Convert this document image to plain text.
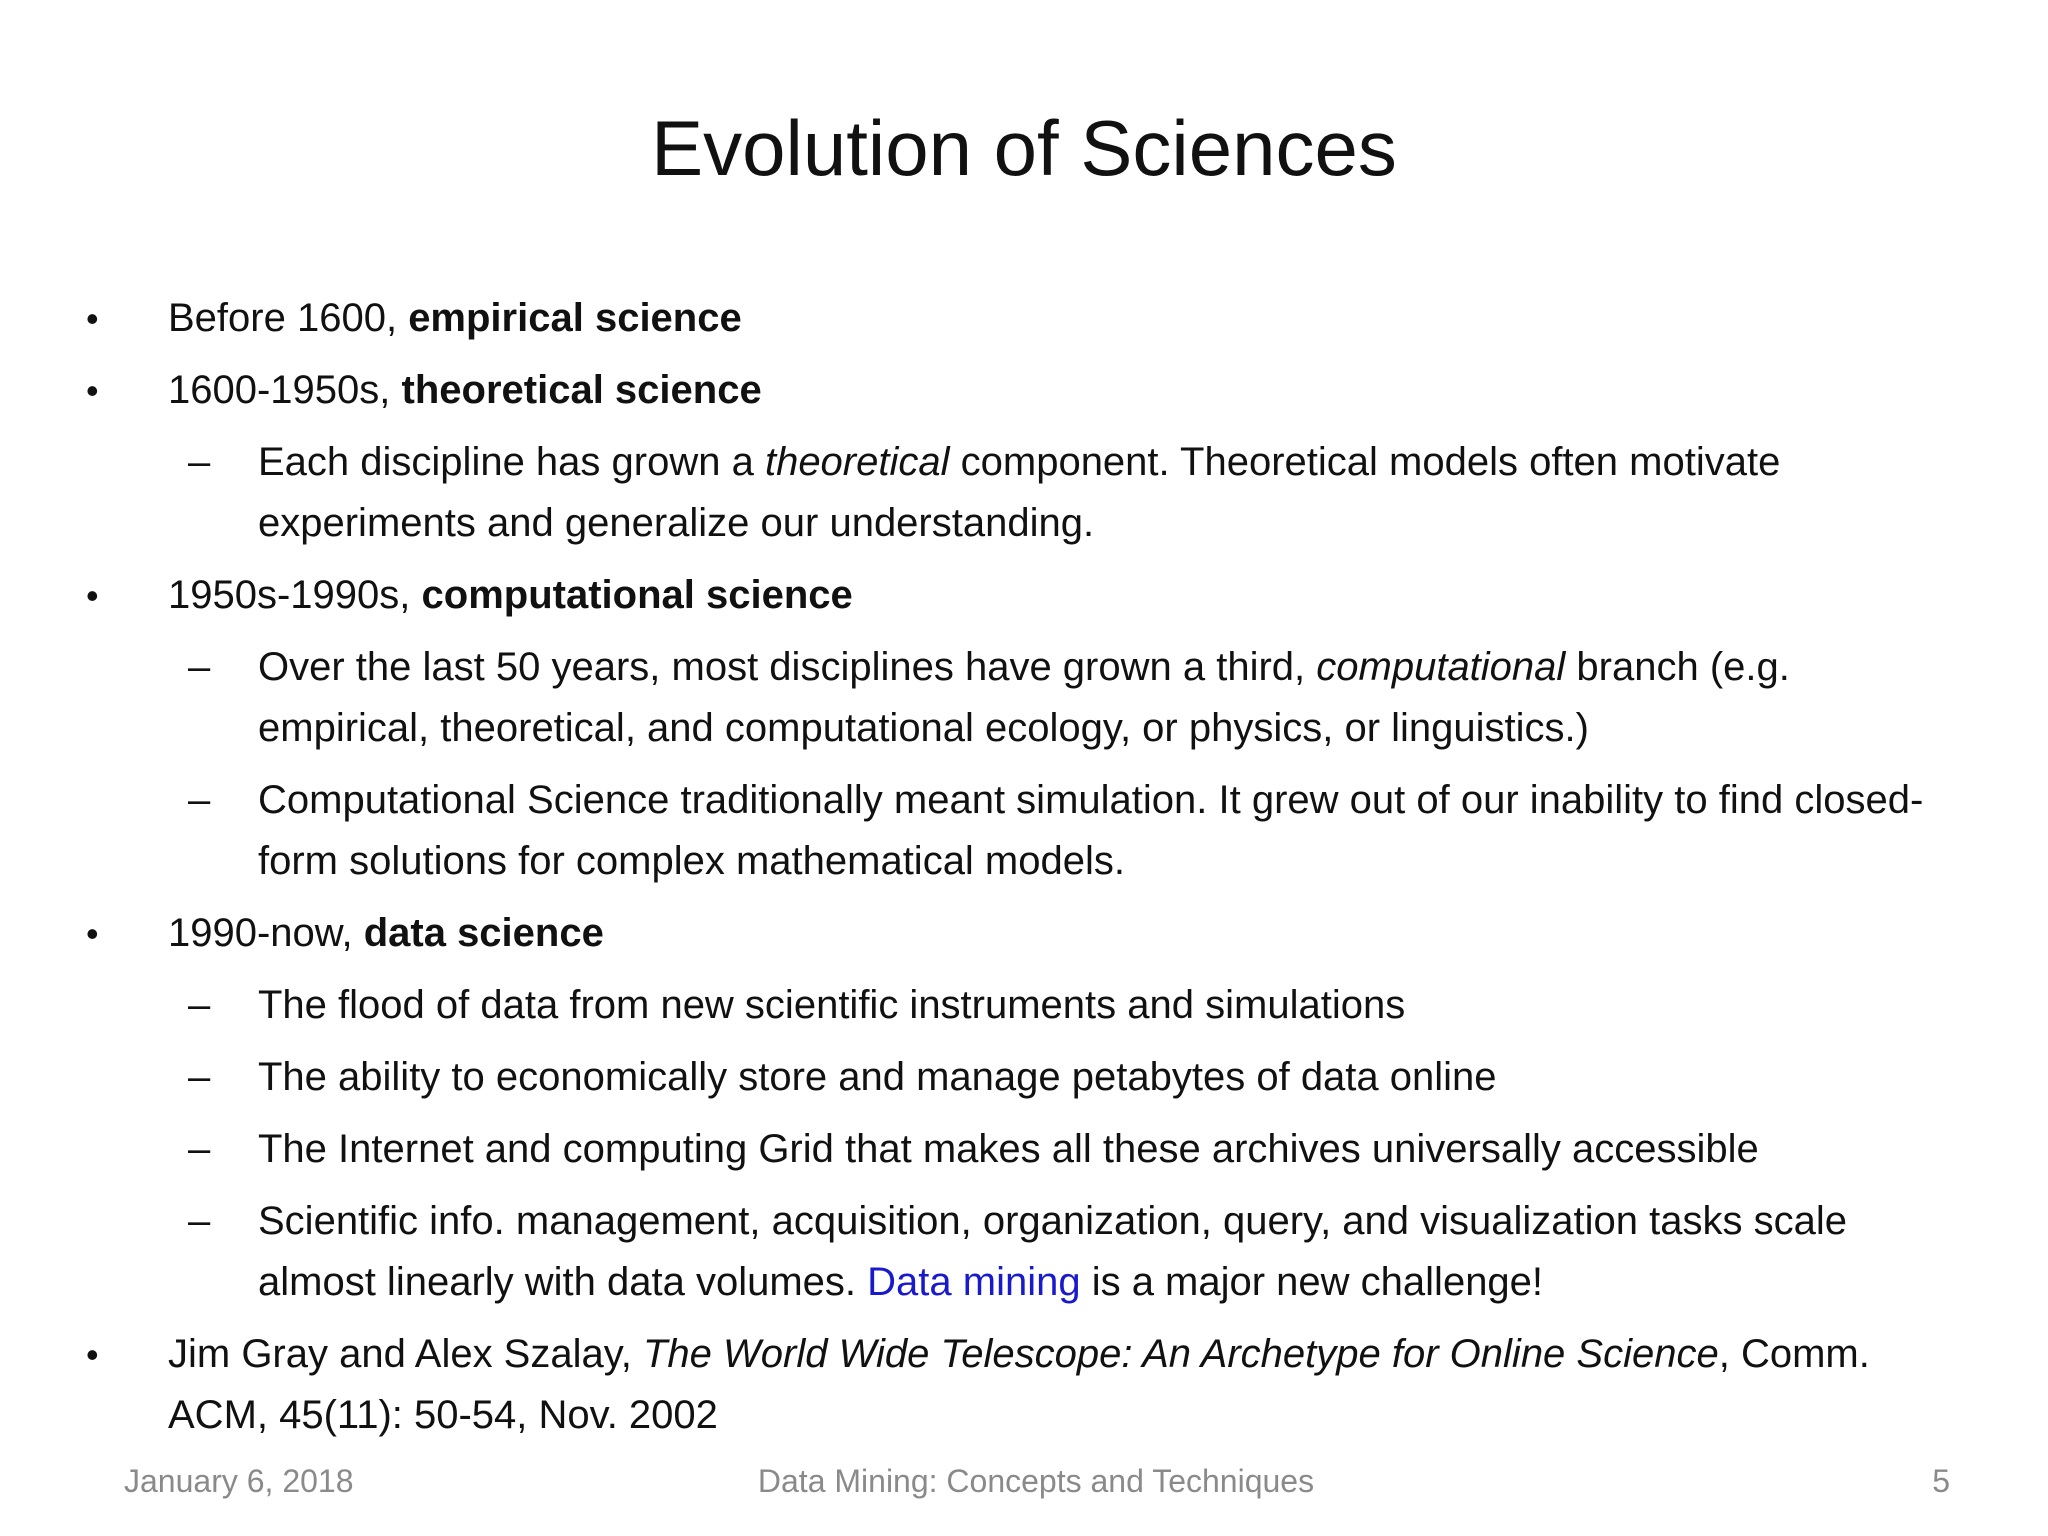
Evolution of Sciences
• Before 1600, empirical science
• 1600-1950s, theoretical science
– Each discipline has grown a theoretical component. Theoretical models often motivate experiments and generalize our understanding.
• 1950s-1990s, computational science
– Over the last 50 years, most disciplines have grown a third, computational branch (e.g. empirical, theoretical, and computational ecology, or physics, or linguistics.)
– Computational Science traditionally meant simulation. It grew out of our inability to find closed-form solutions for complex mathematical models.
• 1990-now, data science
– The flood of data from new scientific instruments and simulations
– The ability to economically store and manage petabytes of data online
– The Internet and computing Grid that makes all these archives universally accessible
– Scientific info. management, acquisition, organization, query, and visualization tasks scale almost linearly with data volumes. Data mining is a major new challenge!
• Jim Gray and Alex Szalay, The World Wide Telescope: An Archetype for Online Science, Comm. ACM, 45(11): 50-54, Nov. 2002
January 6, 2018	Data Mining: Concepts and Techniques	5
